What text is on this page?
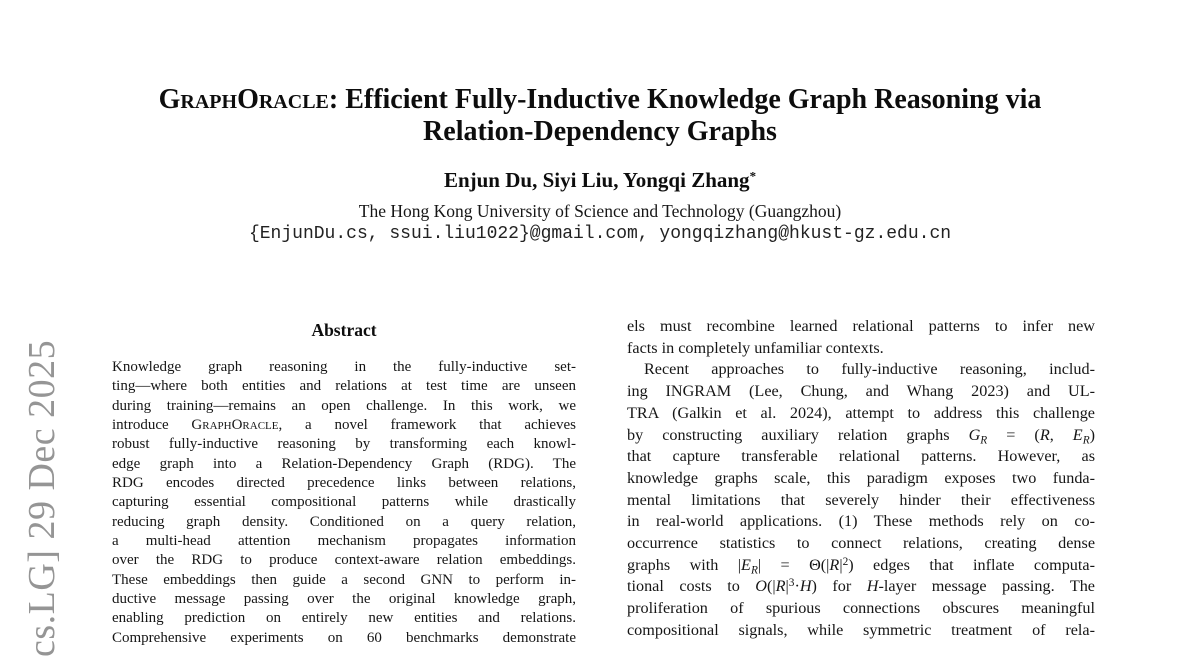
cs.LG] 29 Dec 2025
GraphOracle: Efficient Fully-Inductive Knowledge Graph Reasoning via
Relation-Dependency Graphs
Enjun Du, Siyi Liu, Yongqi Zhang*
The Hong Kong University of Science and Technology (Guangzhou)
{EnjunDu.cs, ssui.liu1022}@gmail.com, yongqizhang@hkust-gz.edu.cn
Abstract
Knowledge graph reasoning in the fully-inductive set-
ting—where both entities and relations at test time are unseen
during training—remains an open challenge. In this work, we
introduce GraphOracle, a novel framework that achieves
robust fully-inductive reasoning by transforming each knowl-
edge graph into a Relation-Dependency Graph (RDG). The
RDG encodes directed precedence links between relations,
capturing essential compositional patterns while drastically
reducing graph density. Conditioned on a query relation,
a multi-head attention mechanism propagates information
over the RDG to produce context-aware relation embeddings.
These embeddings then guide a second GNN to perform in-
ductive message passing over the original knowledge graph,
enabling prediction on entirely new entities and relations.
Comprehensive experiments on 60 benchmarks demonstrate
els must recombine learned relational patterns to infer new
facts in completely unfamiliar contexts.
Recent approaches to fully-inductive reasoning, includ-
ing INGRAM (Lee, Chung, and Whang 2023) and UL-
TRA (Galkin et al. 2024), attempt to address this challenge
by constructing auxiliary relation graphs $G_R = (R$, $E_R$)
that capture transferable relational patterns. However, as
knowledge graphs scale, this paradigm exposes two funda-
mental limitations that severely hinder their effectiveness
in real-world applications. (1) These methods rely on co-
occurrence statistics to connect relations, creating dense
graphs with $|E_R| = \Theta(|R|^2)$ edges that inflate computa-
tional costs to $O(|R|^3\cdot H)$ for H-layer message passing. The
proliferation of spurious connections obscures meaningful
compositional signals, while symmetric treatment of rela-
